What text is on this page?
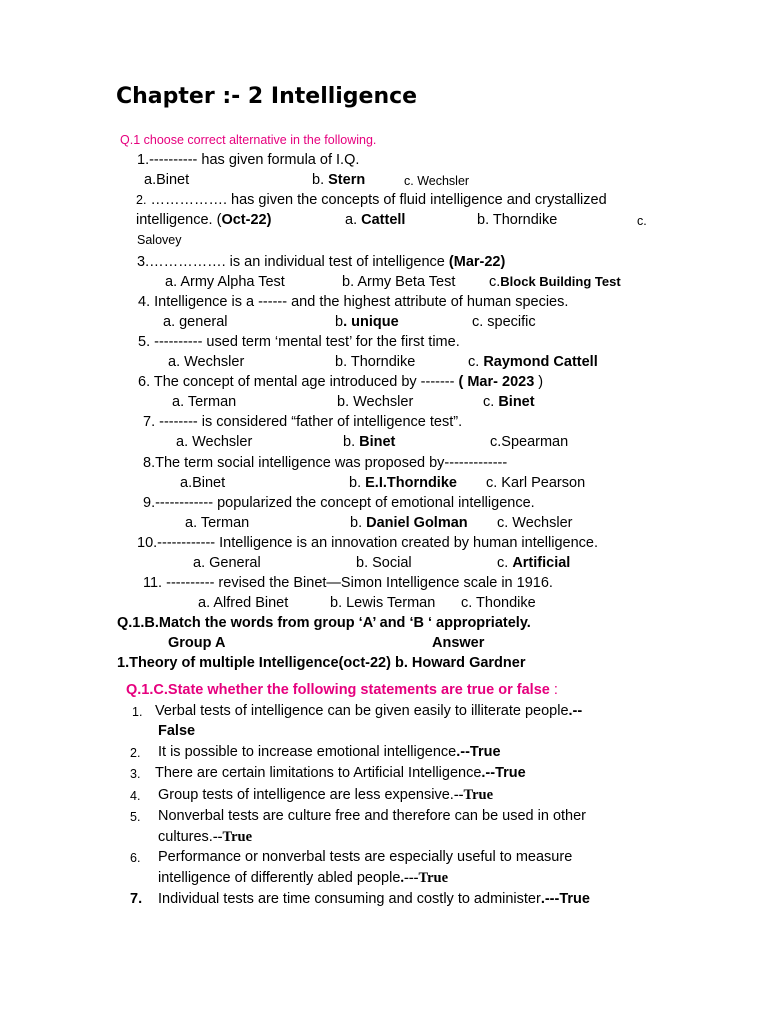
Chapter :- 2 Intelligence
Q.1 choose correct alternative in the following.
1.---------- has given formula of I.Q.
a.Binet	b. Stern	c. Wechsler
2. ……………. has given the concepts of fluid intelligence and crystallized
intelligence. (Oct-22)	a. Cattell	b. Thorndike	c.
Salovey
3.……………. is an individual test of intelligence (Mar-22)
a. Army Alpha Test	b. Army Beta Test c.Block Building Test
4. Intelligence is a ------ and the highest attribute of human species.
a. general	b. unique	c. specific
5. ---------- used term ‘mental test’ for the first time.
a. Wechsler	b. Thorndike	c. Raymond Cattell
6. The concept of mental age introduced by ------- ( Mar- 2023 )
a. Terman	b. Wechsler	c. Binet
7. -------- is considered “father of intelligence test”.
a. Wechsler	b. Binet	c.Spearman
8.The term social intelligence was proposed by-------------
a.Binet	b. E.I.Thorndike c. Karl Pearson
9.------------ popularized the concept of emotional intelligence.
a. Terman	b. Daniel Golman c. Wechsler
10.------------ Intelligence is an innovation created by human intelligence.
a. General	b. Social	c. Artificial
11. ---------- revised the Binet—Simon Intelligence scale in 1916.
a. Alfred Binet	b. Lewis Terman c. Thondike
Q.1.B.Match the words from group ‘A’ and ‘B ‘ appropriately.
Group A	Answer
1.Theory of multiple Intelligence(oct-22) b. Howard Gardner
Q.1.C.State whether the following statements are true or false :
1. Verbal tests of intelligence can be given easily to illiterate people.--
False
2. It is possible to increase emotional intelligence.--True
3. There are certain limitations to Artificial Intelligence.--True
4. Group tests of intelligence are less expensive.--True
5. Nonverbal tests are culture free and therefore can be used in other
cultures.--True
6. Performance or nonverbal tests are especially useful to measure
intelligence of differently abled people.---True
7. Individual tests are time consuming and costly to administer.---True
